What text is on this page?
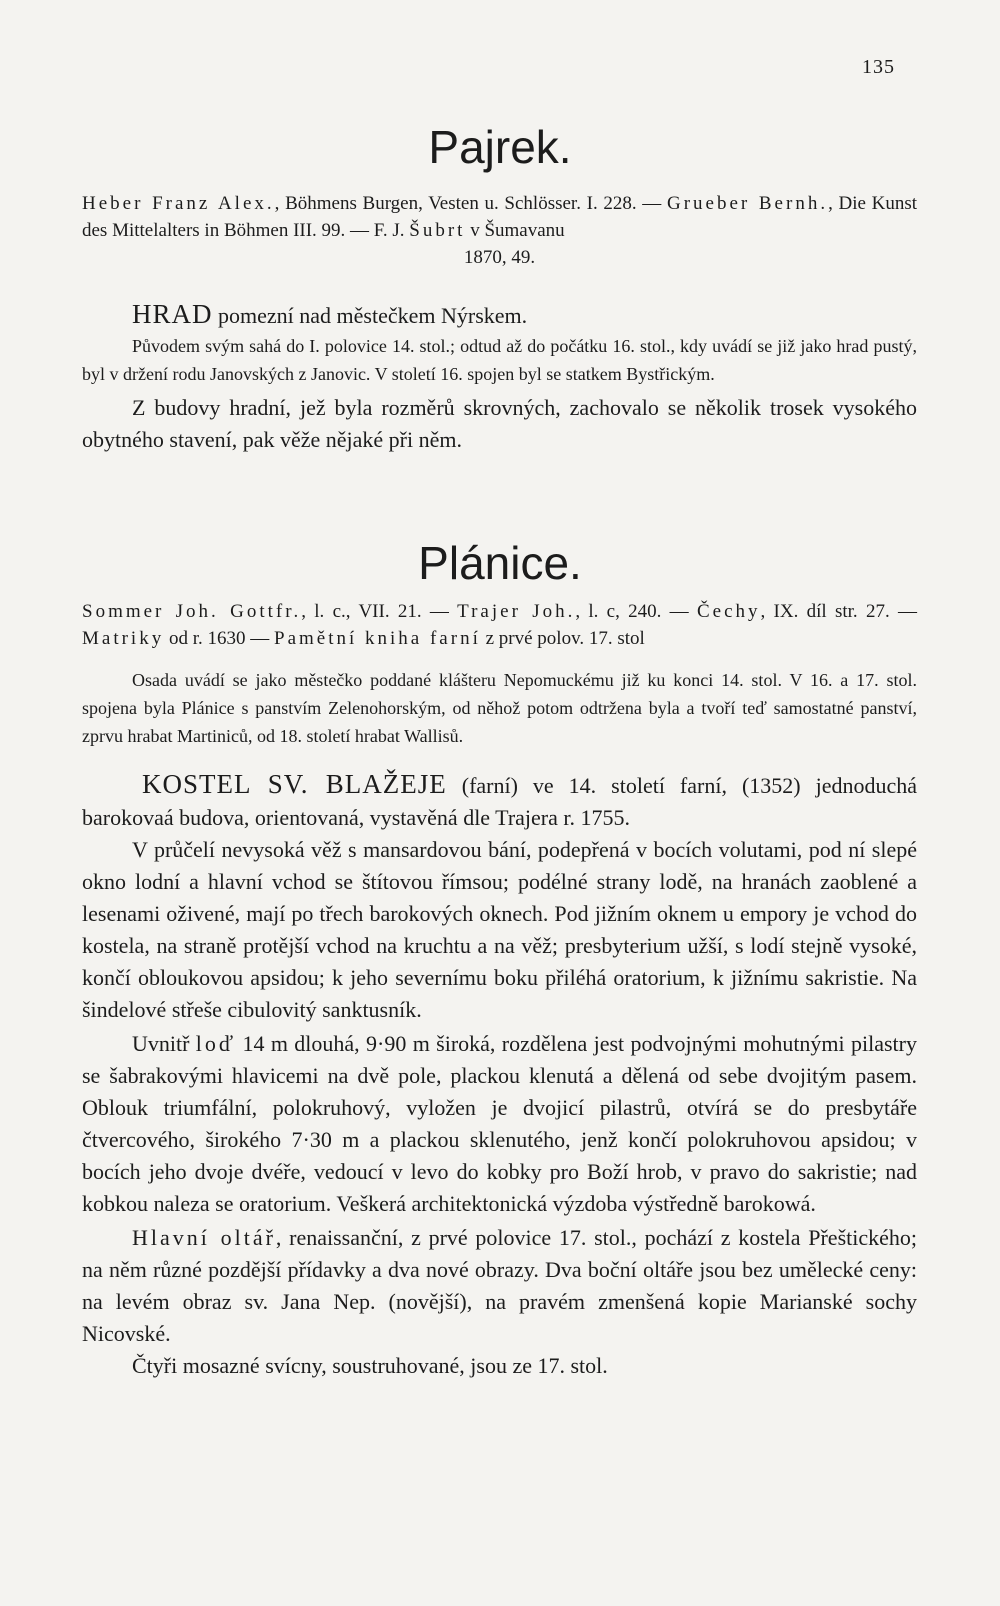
135
Pajrek.

Heber Franz Alex., Böhmens Burgen, Vesten u. Schlösser. I. 228. — Grueber Bernh., Die Kunst des Mittelalters in Böhmen III. 99. — F. J. Šubrt v Šumavanu

1870, 49.

HRAD pomezní nad městečkem Nýrskem.

Původem svým sahá do I. polovice 14. stol.; odtud až do počátku 16. stol., kdy uvádí se již jako hrad pustý, byl v držení rodu Janovských z Janovic. V století 16. spojen byl se statkem Bystřickým.

Z budovy hradní, jež byla rozměrů skrovných, zachovalo se několik trosek vysokého obytného stavení, pak věže nějaké při něm.

Plánice.

Sommer Joh. Gottfr., l. c., VII. 21. — Trajer Joh., l. c, 240. — Čechy, IX. díl str. 27. — Matriky od r. 1630 — Pamětní kniha farní z prvé polov. 17. stol

Osada uvádí se jako městečko poddané klášteru Nepomuckému již ku konci 14. stol. V 16. a 17. stol. spojena byla Plánice s panstvím Zelenohorským, od něhož potom odtržena byla a tvoří teď samostatné panství, zprvu hrabat Martiniců, od 18. století hrabat Wallisů.

KOSTEL SV. BLAŽEJE (farní) ve 14. století farní, (1352) jednoduchá barokovaá budova, orientovaná, vystavěná dle Trajera r. 1755.

V průčelí nevysoká věž s mansardovou bání, podepřená v bocích volutami, pod ní slepé okno lodní a hlavní vchod se štítovou římsou; podélné strany lodě, na hranách zaoblené a lesenami oživené, mají po třech barokových oknech. Pod jižním oknem u empory je vchod do kostela, na straně protější vchod na kruchtu a na věž; presbyterium užší, s lodí stejně vysoké, končí obloukovou apsidou; k jeho severnímu boku přiléhá oratorium, k jižnímu sakristie. Na šindelové střeše cibulovitý sanktusník.

Uvnitř loď 14 m dlouhá, 9·90 m široká, rozdělena jest podvojnými mohutnými pilastry se šabrakovými hlavicemi na dvě pole, plackou klenutá a dělená od sebe dvojitým pasem. Oblouk triumfální, polokruhový, vyložen je dvojicí pilastrů, otvírá se do presbytáře čtvercového, širokého 7·30 m a plackou sklenutého, jenž končí polokruhovou apsidou; v bocích jeho dvoje dvéře, vedoucí v levo do kobky pro Boží hrob, v pravo do sakristie; nad kobkou naleza se oratorium. Veškerá architektonická výzdoba výstředně barokowá.

Hlavní oltář, renaissanční, z prvé polovice 17. stol., pochází z kostela Přeštického; na něm různé pozdější přídavky a dva nové obrazy. Dva boční oltáře jsou bez umělecké ceny: na levém obraz sv. Jana Nep. (novější), na pravém zmenšená kopie Marianské sochy Nicovské.

Čtyři mosazné svícny, soustruhované, jsou ze 17. stol.
